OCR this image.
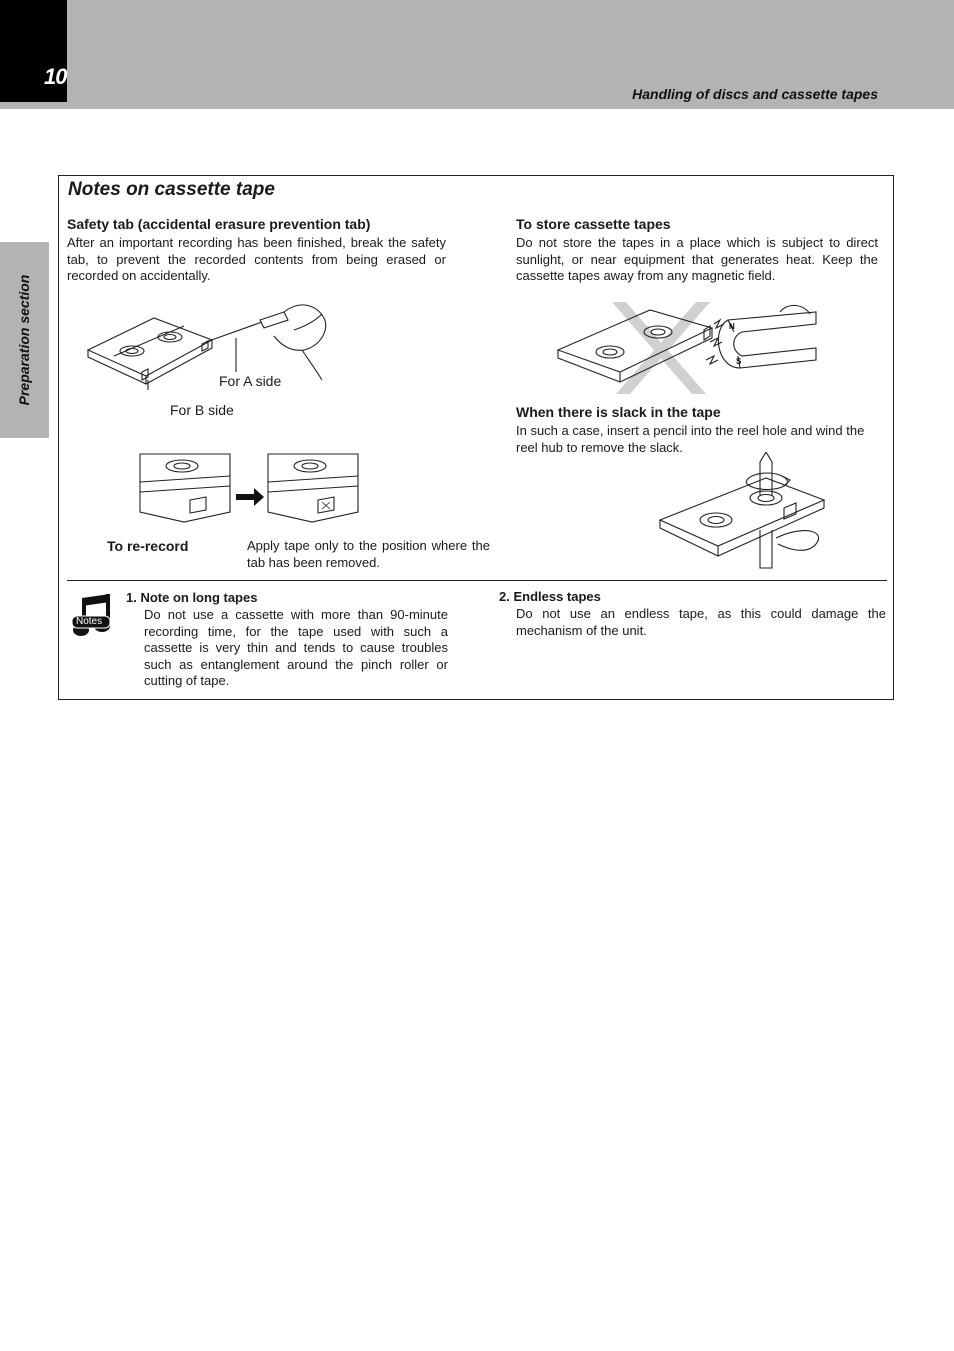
10
Handling of discs and cassette tapes
Preparation section
Notes on cassette tape
Safety tab (accidental erasure prevention tab)
After an important recording has been finished, break the safety tab, to prevent the recorded contents from being erased or recorded on accidentally.
For A side
For B side
To re-record	Apply tape only to the position where the tab has been removed.
To store cassette tapes
Do not store the tapes in a place which is subject to direct sunlight, or near equipment that generates heat. Keep the cassette tapes away from any magnetic field.
N
S
When there is slack in the tape
In such a case, insert a pencil into the reel hole and wind the reel hub to remove the slack.
Notes
1. Note on long tapes
Do not use a cassette with more than 90-minute recording time, for the tape used with such a cassette is very thin and tends to cause troubles such as entanglement around the pinch roller or cutting of tape.
2. Endless tapes
Do not use an endless tape, as this could damage the mechanism of the unit.
